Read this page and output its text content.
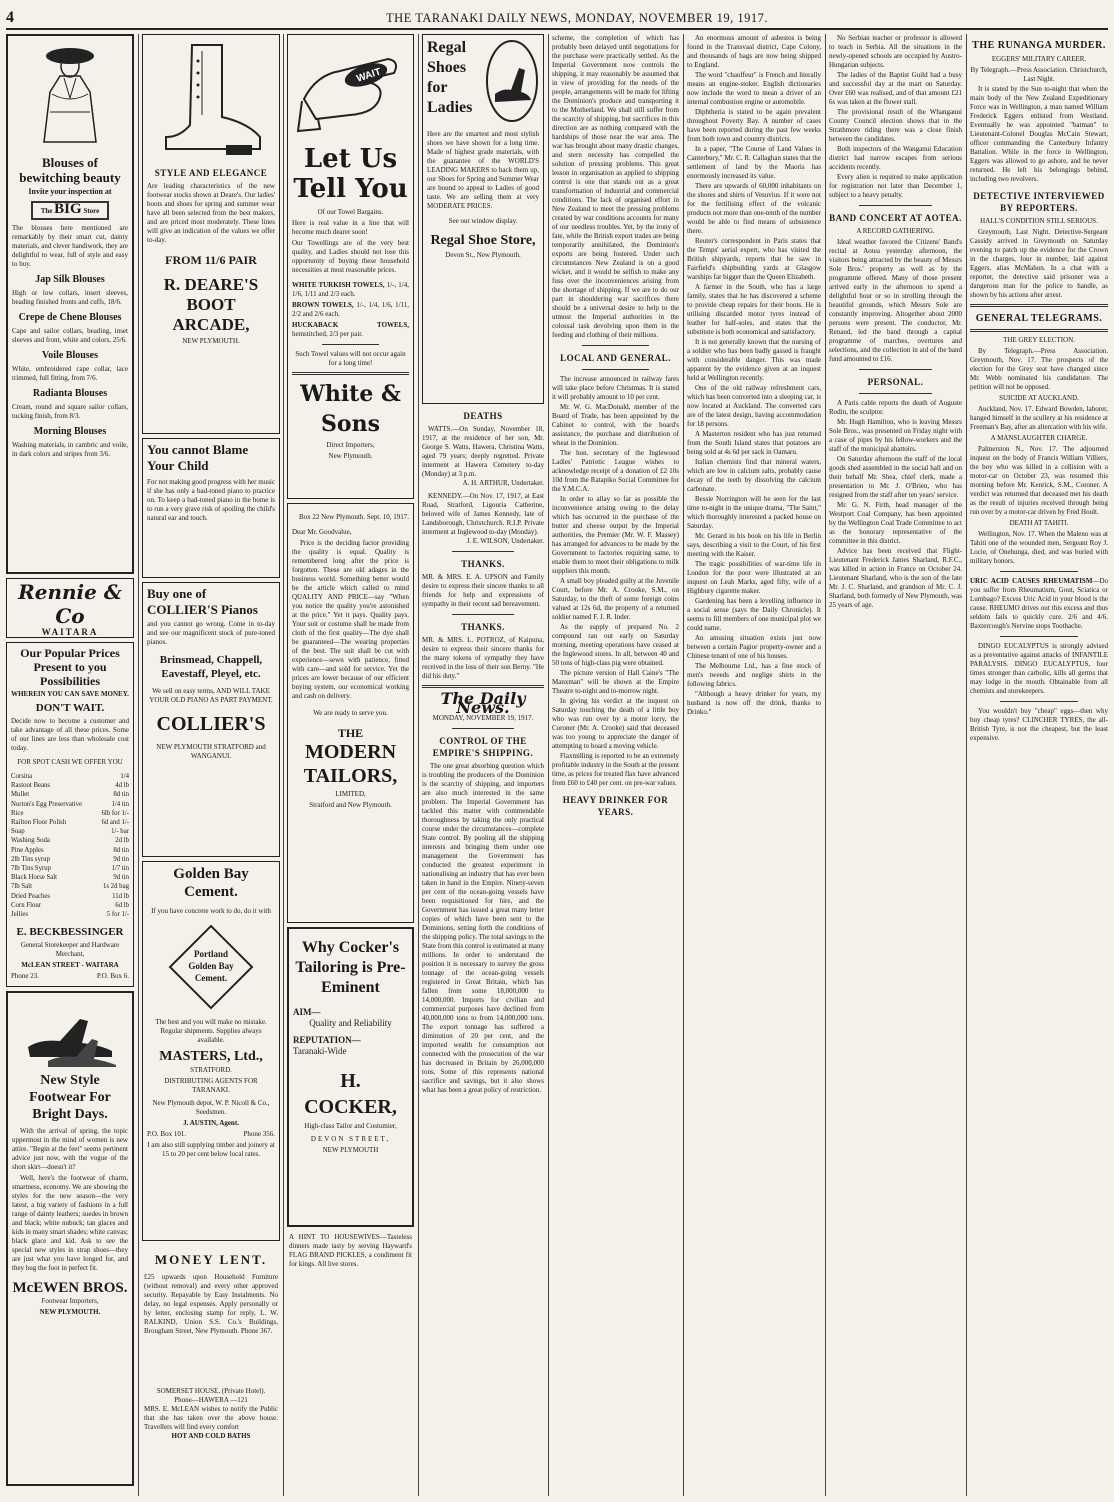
4	THE TARANAKI DAILY NEWS, MONDAY, NOVEMBER 19, 1917.
Blouses of bewitching beauty

Invite your inspection at

The BIG Store

The blouses here mentioned are remarkably by their smart cut, dainty materials, and clever handiwork, they are delightful to wear, full of style and easy to buy.

Jap Silk Blouses

High or low collars, insert sleeves, beading finished fronts and cuffs, 18/6.

Crepe de Chene Blouses

Cape and sailor collars, beading, inset sleeves and front, white and colors, 25/6.

Voile Blouses

White, embroidered cape collar, lace trimmed, full fitting, from 7/6.

Radianta Blouses

Cream, round and square sailor collars, tucking finish, from 8/3.

Morning Blouses

Washing materials, in cambric and voile, in dark colors and stripes from 3/6.

Rennie & Co
WAITARA
Our Popular Prices
Present to you
Possibilities

WHEREIN YOU CAN SAVE MONEY.

DON'T WAIT.

Decide now to become a customer and take advantage of all these prices. Some of our lines are less than wholesale cost today.

FOR SPOT CASH WE OFFER YOU

Corsina	1/4
Rastoot Beans	4d lb
Mullet	8d tin
Norton's Egg Preservative	1/4 tin
Rice	6lb for 1/-
Railton Floor Polish	6d and 1/-
Soap	1/- bar
Washing Soda	2d lb
Pine Apples	8d tin
2lb Tins syrup	9d tin
7lb Tins Syrup	1/7 tin
Black Horse Salt	9d tin
7lb Salt	1s 2d bag
Dried Peaches	11d lb
Corn Flour	6d lb
Jellies	5 for 1/-
E. BECKBESSINGER

General Storekeeper and Hardware Merchant,

McLEAN STREET - WAITARA

Phone 23.	P.O. Box 6.

New Style Footwear For Bright Days.

With the arrival of spring, the topic uppermost in the mind of women is new attire. "Begin at the feet" seems pertinent advice just now, with the vogue of the short skirt—doesn't it?

Well, here's the footwear of charm, smartness, economy. We are showing the styles for the new season—the very latest, a big variety of fashions in a full range of dainty leathers; suedes in brown and black; white nubuck; tan glaces and kids in many smart shades; white canvas; black glace and kid. Ask to see the special new styles in strap shoes—they are just what you have longed for, and they hug the foot in perfect fit.

McEWEN BROS.

Footwear Importers,

NEW PLYMOUTH.

STYLE AND ELEGANCE

Are leading characteristics of the new footwear stocks shown at Deare's. Our ladies' boots and shoes for spring and summer wear have all been selected from the best makers, and are priced most moderately. These lines will give an indication of the values we offer to-day.

FROM 11/6 PAIR
R. DEARE'S BOOT ARCADE,

NEW PLYMOUTH.

You cannot Blame Your Child

For not making good progress with her music if she has only a bad-toned piano to practice on. To keep a bad-toned piano in the home is to run a very grave risk of spoiling the child's natural ear and touch.

Buy one of COLLIER'S Pianos

and you cannot go wrong. Come in to-day and see our magnificent stock of pure-toned pianos.

Brinsmead, Chappell, Eavestaff, Pleyel, etc.

We sell on easy terms, AND WILL TAKE YOUR OLD PIANO AS PART PAYMENT.

COLLIER'S

NEW PLYMOUTH STRATFORD and WANGANUI.

Golden Bay Cement.

If you have concrete work to do, do it with

Portland
Golden Bay
Cement.

The best and you will make no mistake. Regular shipments. Supplies always available.

MASTERS, Ltd.,

STRATFORD.

DISTRIBUTING AGENTS FOR TARANAKI.

New Plymouth depot, W. P. Nicoll & Co., Seedsmen.

J. AUSTIN, Agent.

P.O. Box 101.	Phone 356.

I am also still supplying timber and joinery at 15 to 20 per cent below local rates.

MONEY LENT.

£25 upwards upon Household Furniture (without removal) and every other approved security. Repayable by Easy Instalments. No delay, no legal expenses. Apply personally or by letter, enclosing stamp for reply, L. W. RALKIND, Union S.S. Co.'s Buildings, Brougham Street, New Plymouth. Phone 367.

SOMERSET HOUSE, (Private Hotel).

Phone—HAWERA —121

MRS. E. McLEAN wishes to notify the Public that she has taken over the above house. Travellers will find every comfort

HOT AND COLD BATHS

WAIT
Let Us
Tell You

Of our Towel Bargains.

Here is real value in a line that will become much dearer soon!

Our Towellings are of the very best quality, and Ladies should not lose this opportunity of buying these household necessities at most reasonable prices.

WHITE TURKISH TOWELS, 1/-, 1/4, 1/6, 1/11 and 2/3 each.

BROWN TOWELS, 1/-, 1/4, 1/6, 1/11, 2/2 and 2/6 each.

HUCKABACK TOWELS, hemstitched, 2/3 per pair.

Such Towel values will not occur again for a long time!

White & Sons

Direct Importers,

New Plymouth.

Box 22 New Plymouth. Sept. 10, 1917.

Dear Mr. Goodvalue,

Price is the deciding factor providing the quality is equal. Quality is remembered long after the price is forgotten. These are old adages in the business world. Something better would be the article which called to mind QUALITY AND PRICE—say "When you notice the quality you're astonished at the price." Yet it pays. Quality pays. Your suit or costume shall be made from cloth of the first quality—The dye shall be guaranteed—The wearing properties of the best. The suit shall be cut with experience—sewn with patience, fitted with care—and sold for service. Yet the prices are lower because of our efficient buying system, our economical working and cash on delivery.

We are ready to serve you.

THE
MODERN
TAILORS,

LIMITED,

Stratford and New Plymouth.

Why Cocker's Tailoring is Pre-Eminent

AIM—

Quality and Reliability

REPUTATION—

Taranaki-Wide

H. COCKER,

High-class Tailor and Costumier,

DEVON STREET,

NEW PLYMOUTH

A HINT TO HOUSEWIVES—Tasteless dinners made tasty by serving Hayward's FLAG BRAND PICKLES, a condiment fit for kings. All live stores.

Regal
Shoes
for
Ladies

Here are the smartest and most stylish shoes we have shown for a long time. Made of highest grade materials, with the guarantee of the WORLD'S LEADING MAKERS to back them up, our Shoes for Spring and Summer Wear are bound to appeal to Ladies of good taste. We are selling them at very MODERATE PRICES.

See our window display.

Regal Shoe Store,

Devon St., New Plymouth.

DEATHS

WATTS.—On Sunday, November 18, 1917, at the residence of her son, Mr. George S. Watts, Hawera, Christina Watts, aged 79 years; deeply regretted. Private interment at Hawera Cemetery to-day (Monday) at 3 p.m.

A. H. ARTHUR, Undertaker.

KENNEDY.—On Nov. 17, 1917, at East Road, Stratford, Ligouria Catherine, beloved wife of James Kennedy, late of Landsborough, Christchurch. R.I.P. Private interment at Inglewood to-day (Monday).

J. E. WILSON, Undertaker.

THANKS.

MR. & MRS. E. A. UPSON and Family desire to express their sincere thanks to all friends for help and expressions of sympathy in their recent sad bereavement.

THANKS.

MR. & MRS. L. POTROZ, of Kaipuna, desire to express their sincere thanks for the many tokens of sympathy they have received in the loss of their son Berny. "He did his duty."

The Daily News.

MONDAY, NOVEMBER 19, 1917.

CONTROL OF THE EMPIRE'S SHIPPING.

The one great absorbing question which is troubling the producers of the Dominion is the scarcity of shipping, and importers are also much interested in the same problem. The Imperial Government has tackled this matter with commendable thoroughness by taking the only practical course under the circumstances—complete State control. By pooling all the shipping interests and bringing them under one management the Government has conducted the greatest experiment in nationalising an industry that has ever been taken in hand in the Empire. Ninety-seven per cent of the ocean-going vessels have been requisitioned for hire, and the Government has issued a great many letter copies of which have been sent to the Dominions, setting forth the conditions of the shipping policy. The total savings to the State from this control is estimated at many millions. In order to understand the position it is necessary to survey the gross tonnage of the ocean-going vessels registered in Great Britain, which has fallen from some 18,000,000 to 14,000,000. Imports for civilian and commercial purposes have declined from 40,000,000 tons to from 14,000,000 tons. The export tonnage has suffered a diminution of 20 per cent, and the imported wealth for consumption not connected with the prosecution of the war has decreased in Britain by 26,000,000 tons. Some of this represents national sacrifice and savings, but it also shows what has been a great policy of restriction.

scheme, the completion of which has probably been delayed until negotiations for the purchase were practically settled. As the Imperial Government now controls the shipping, it may reasonably be assumed that in view of providing for the needs of the people, arrangements will be made for lifting the Dominion's produce and transporting it to the Motherland. We shall still suffer from the scarcity of shipping, but sacrifices in this direction are as nothing compared with the hardships of those near the war area. The war has brought about many drastic changes, and stern necessity has compelled the solution of pressing problems. This great lesson in organisation as applied to shipping control is one that stands out as a great transformation of industrial and commercial conditions. The lack of organised effort in New Zealand to meet the pressing problems created by war conditions accounts for many of our needless troubles. Yet, by the irony of fate, while the British export trades are being temporarily annihilated, the Dominion's exports are being fostered. Under such circumstances New Zealand is on a good wicket, and it would be selfish to make any fuss over the inconveniences arising from the shortage of shipping. If we are to do our part in shouldering war sacrifices there should be a universal desire to help to the utmost the Imperial authorities in the colossal task devolving upon them in the feeding and clothing of their millions.

LOCAL AND GENERAL.

The increase announced in railway fares will take place before Christmas. It is stated it will probably amount to 10 per cent.

Mr. W. G. MacDonald, member of the Board of Trade, has been appointed by the Cabinet to control, with the board's assistance, the purchase and distribution of wheat in the Dominion.

The hon. secretary of the Inglewood Ladies' Patriotic League wishes to acknowledge receipt of a donation of £2 10s 10d from the Ratapiko Social Committee for the Y.M.C.A.

In order to allay so far as possible the inconvenience arising owing to the delay which has occurred in the purchase of the butter and cheese output by the Imperial authorities, the Premier (Mr. W. F. Massey) has arranged for advances to be made by the Government to factories requiring same, to enable them to meet their obligations to milk suppliers this month.

A small boy pleaded guilty at the Juvenile Court, before Mr. A. Crooke, S.M., on Saturday, to the theft of some foreign coins valued at 12s 6d, the property of a returned soldier named F. J. R. Inder.

As the supply of prepared No. 2 compound ran out early on Saturday morning, meeting operations have ceased at the Inglewood stores. In all, between 40 and 50 tons of high-class pig were obtained.

The picture version of Hall Caine's "The Manxman" will be shown at the Empire Theatre to-night and to-morrow night.

In giving his verdict at the inquest on Saturday touching the death of a little boy who was run over by a motor lorry, the Coroner (Mr. A. Crooke) said that deceased was too young to appreciate the danger of attempting to board a moving vehicle.

Flaxmilling is reported to be an extremely profitable industry in the South at the present time, as prices for treated flax have advanced from £60 to £40 per cent. on pre-war values.

HEAVY DRINKER FOR YEARS.

An enormous amount of asbestos is being found in the Transvaal district, Cape Colony, and thousands of bags are now being shipped to England.

The word "chauffeur" is French and literally means an engine-stoker. English dictionaries now include the word to mean a driver of an internal combustion engine or automobile.

Diphtheria is stated to be again prevalent throughout Poverty Bay. A number of cases have been reported during the past few weeks from both town and country districts.

In a paper, "The Course of Land Values in Canterbury," Mr. C. R. Callaghan states that the settlement of land by the Maoris has enormously increased its value.

There are upwards of 60,000 inhabitants on the shores and shirts of Vesuvius. If it were not for the fertilising effect of the volcanic products not more than one-tenth of the number would be able to find means of subsistence there.

Reuter's correspondent in Paris states that the Temps' aerial expert, who has visited the British shipyards, reports that he saw in Fairfield's shipbuilding yards at Glasgow warships far bigger than the Queen Elizabeth.

A farmer in the South, who has a large family, states that he has discovered a scheme to provide cheap repairs for their boots. He is utilising discarded motor tyres instead of leather for half-soles, and states that the substitute is both economical and satisfactory.

It is not generally known that the nursing of a soldier who has been badly gassed is fraught with considerable danger. This was made apparent by the evidence given at an inquest held at Wellington recently.

One of the old railway refreshment cars, which has been converted into a sleeping car, is now located at Auckland. The converted cars are of the latest design, having accommodation for 18 persons.

A Masterton resident who has just returned from the South Island states that potatoes are being sold at 4s 6d per sack in Oamaru.

Italian chemists find that mineral waters, which are low in calcium salts, probably cause decay of the teeth by dissolving the calcium carbonate.

Bessie Norrington will be seen for the last time to-night in the unique drama, "The Saint," which thoroughly interested a packed house on Saturday.

Mr. Gerard in his book on his life in Berlin says, describing a visit to the Court, of his first meeting with the Kaiser.

The tragic possibilities of war-time life in London for the poor were illustrated at an inquest on Leah Marks, aged fifty, wife of a Highbury cigarette maker.

Gardening has been a levelling influence in a social sense (says the Daily Chronicle). It seems to fill members of one municipal plot we could name.

An amusing situation exists just now between a certain Pagior property-owner and a Chinese tenant of one of his houses.

The Melbourne Ltd., has a fine stock of men's tweeds and neglige shirts in the following fabrics.

"Although a heavy drinker for years, my husband is now off the drink, thanks to Drinko."

No Serbian teacher or professor is allowed to teach in Serbia. All the situations in the newly-opened schools are occupied by Austro-Hungarian subjects.

The ladies of the Baptist Guild had a busy and successful day at the mart on Saturday. Over £60 was realised, and of that amount £21 6s was taken at the flower stall.

The provisional result of the Whanganui County Council election shows that in the Strathmore riding there was a close finish between the candidates.

Both inspectors of the Wanganui Education district had narrow escapes from serious accidents recently.

Every alien is required to make application for registration not later than December 1, subject to a heavy penalty.

BAND CONCERT AT AOTEA.
A RECORD GATHERING.

Ideal weather favored the Citizens' Band's recital at Aotea yesterday afternoon, the visitors being attracted by the beauty of Messrs Sole Bros.' property as well as by the programme offered. Many of those present arrived early in the afternoon to spend a delightful hour or so in strolling through the beautiful grounds, which Messrs Sole are constantly improving. Altogether about 2000 persons were present. The conductor, Mr. Renaud, led the band through a capital programme of marches, overtures and selections, and the collection in aid of the band fund amounted to £16.

PERSONAL.

A Paris cable reports the death of Auguste Rodin, the sculptor.

Mr. Hugh Hamilton, who is leaving Messrs Sole Bros., was presented on Friday night with a case of pipes by his fellow-workers and the staff of the municipal abattoirs.

On Saturday afternoon the staff of the local goods shed assembled in the social hall and on their behalf Mr. Shea, chief clerk, made a presentation to Mr. J. O'Brien, who has resigned from the staff after ten years' service.

Mr. G. N. Firth, head manager of the Westport Coal Company, has been appointed by the Wellington Coal Trade Committee to act as the honorary representative of the committee in this district.

Advice has been received that Flight-Lieutenant Frederick James Sharland, R.F.C., was killed in action in France on October 24. Lieutenant Sharland, who is the son of the late Mr. J. C. Sharland, and grandson of Mr. C. J. Sharland, both formerly of New Plymouth, was 25 years of age.

THE RUNANGA MURDER.
EGGERS' MILITARY CAREER.

By Telegraph.—Press Association. Christchurch, Last Night.

It is stated by the Sun to-night that when the main body of the New Zealand Expeditionary Force was in Wellington, a man named William Frederick Eggers enlisted from Westland. Eventually he was appointed "batman" to Lieutenant-Colonel Douglas McCain Stewart, officer commanding the Canterbury Infantry Battalion. While in the force in Wellington, Eggers was allowed to go ashore, and he never returned. He left his belongings behind, including two revolvers.

DETECTIVE INTERVIEWED BY REPORTERS.
HALL'S CONDITION STILL SERIOUS.

Greymouth, Last Night. Detective-Sergeant Cassidy arrived in Greymouth on Saturday evening to patch up the evidence for the Crown in the charges, four in number, laid against Eggers, alias McMahon. In a chat with a reporter, the detective said prisoner was a dangerous man for the police to handle, as shown by his actions after arrest.

GENERAL TELEGRAMS.
THE GREY ELECTION.

By Telegraph.—Press Association. Greymouth, Nov. 17. The prospects of the election for the Grey seat have changed since Mr. Webb nominated his candidature. The petition will not be opposed.

SUICIDE AT AUCKLAND.

Auckland, Nov. 17. Edward Bowden, laborer, hanged himself in the scullery at his residence at Freeman's Bay, after an altercation with his wife.

A MANSLAUGHTER CHARGE.

Palmerston N., Nov. 17. The adjourned inquest on the body of Francis William Villiers, the boy who was killed in a collision with a motor-car on October 23, was resumed this morning before Mr. Kenrick, S.M., Coroner. A verdict was returned that deceased met his death as the result of injuries received through being run over by a motor-car driven by Fred Hoult.

DEATH AT TAHITI.

Wellington, Nov. 17. When the Maleno was at Tahiti one of the wounded men, Sergeant Roy J. Locie, of Onehunga, died, and was buried with military honors.

URIC ACID CAUSES RHEUMATISM—Do you suffer from Rheumatism, Gout, Sciatica or Lumbago? Excess Uric Acid in your blood is the cause. RHEUMO drives out this excess and thus seldom fails to quickly cure. 2/6 and 4/6. Baxtercough's Nervine stops Toothache.

DINGO EUCALYPTUS is strongly advised as a preventative against attacks of INFANTILE PARALYSIS. DINGO EUCALYPTUS, four times stronger than carbolic, kills all germs that may lodge in the mouth. Obtainable from all chemists and storekeepers.

You wouldn't buy "cheap" eggs—then why buy cheap tyres? CLINCHER TYRES, the all-British Tyre, is not the cheapest, but the least expensive.
